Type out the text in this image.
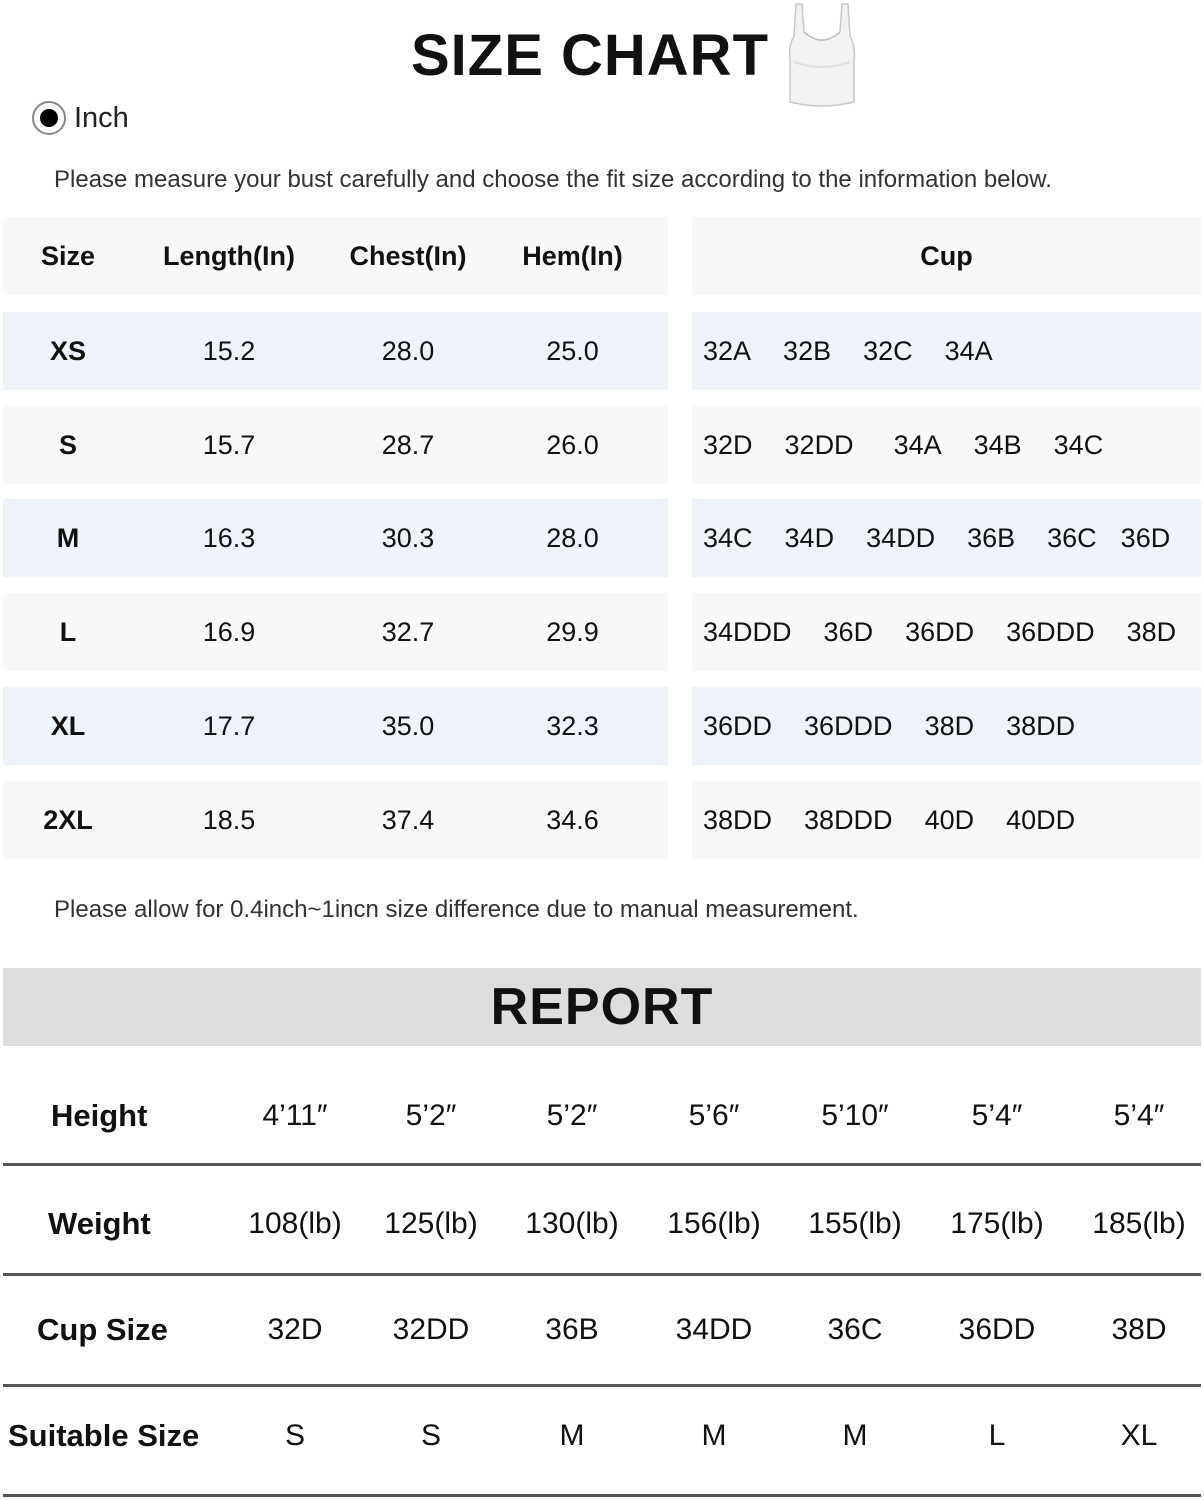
SIZE CHART
Inch
Please measure your bust carefully and choose the fit size according to the information below.
Size	Length(In)	Chest(In)	Hem(In)	Cup
XS	15.2	28.0	25.0	32A 32B 32C 34A
S	15.7	28.7	26.0	32D 32DD 34A 34B 34C
M	16.3	30.3	28.0	34C 34D 34DD 36B 36C 36D
L	16.9	32.7	29.9	34DDD 36D 36DD 36DDD 38D
XL	17.7	35.0	32.3	36DD 36DDD 38D 38DD
2XL	18.5	37.4	34.6	38DD 38DDD 40D 40DD
Please allow for 0.4inch~1incn size difference due to manual measurement.
REPORT
Height	4’11″	5’2″	5’2″	5’6″	5’10″	5’4″	5’4″
Weight	108(lb)	125(lb)	130(lb)	156(lb)	155(lb)	175(lb)	185(lb)
Cup Size	32D	32DD	36B	34DD	36C	36DD	38D
Suitable Size	S	S	M	M	M	L	XL
